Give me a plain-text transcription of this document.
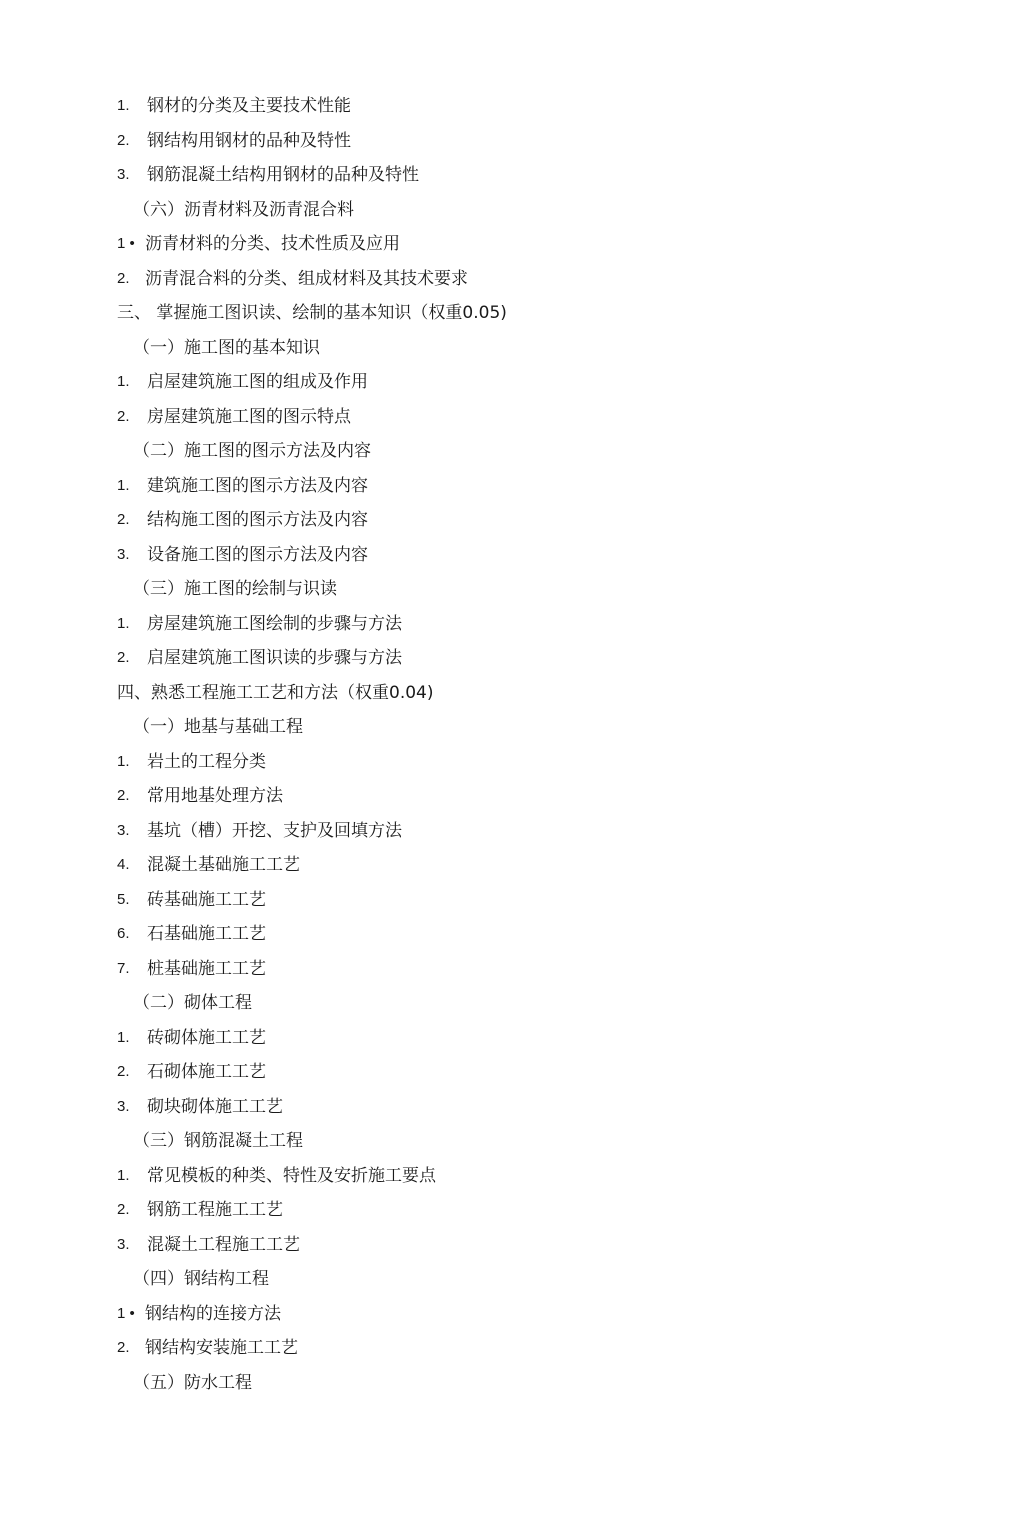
1.	钢材的分类及主要技术性能
2.	钢结构用钢材的品种及特性
3.	钢筋混凝土结构用钢材的品种及特性
（六）沥青材料及沥青混合料
1 • 沥青材料的分类、技术性质及应用
2. 沥青混合料的分类、组成材料及其技术要求
三、 掌握施工图识读、绘制的基本知识（权重0.05)
（一）施工图的基本知识
1.	启屋建筑施工图的组成及作用
2.	房屋建筑施工图的图示特点
（二）施工图的图示方法及内容
1.	建筑施工图的图示方法及内容
2.	结构施工图的图示方法及内容
3.	设备施工图的图示方法及内容
（三）施工图的绘制与识读
1.	房屋建筑施工图绘制的步骤与方法
2.	启屋建筑施工图识读的步骤与方法
四、熟悉工程施工工艺和方法（权重0.04)
（一）地基与基础工程
1.	岩土的工程分类
2.	常用地基处理方法
3.	基坑（槽）开挖、支护及回填方法
4.	混凝土基础施工工艺
5.	砖基础施工工艺
6.	石基础施工工艺
7.	桩基础施工工艺
（二）砌体工程
1.	砖砌体施工工艺
2.	石砌体施工工艺
3.	砌块砌体施工工艺
（三）钢筋混凝土工程
1.	常见模板的种类、特性及安折施工要点
2.	钢筋工程施工工艺
3.	混凝土工程施工工艺
（四）钢结构工程
1 • 钢结构的连接方法
2. 钢结构安装施工工艺
（五）防水工程
